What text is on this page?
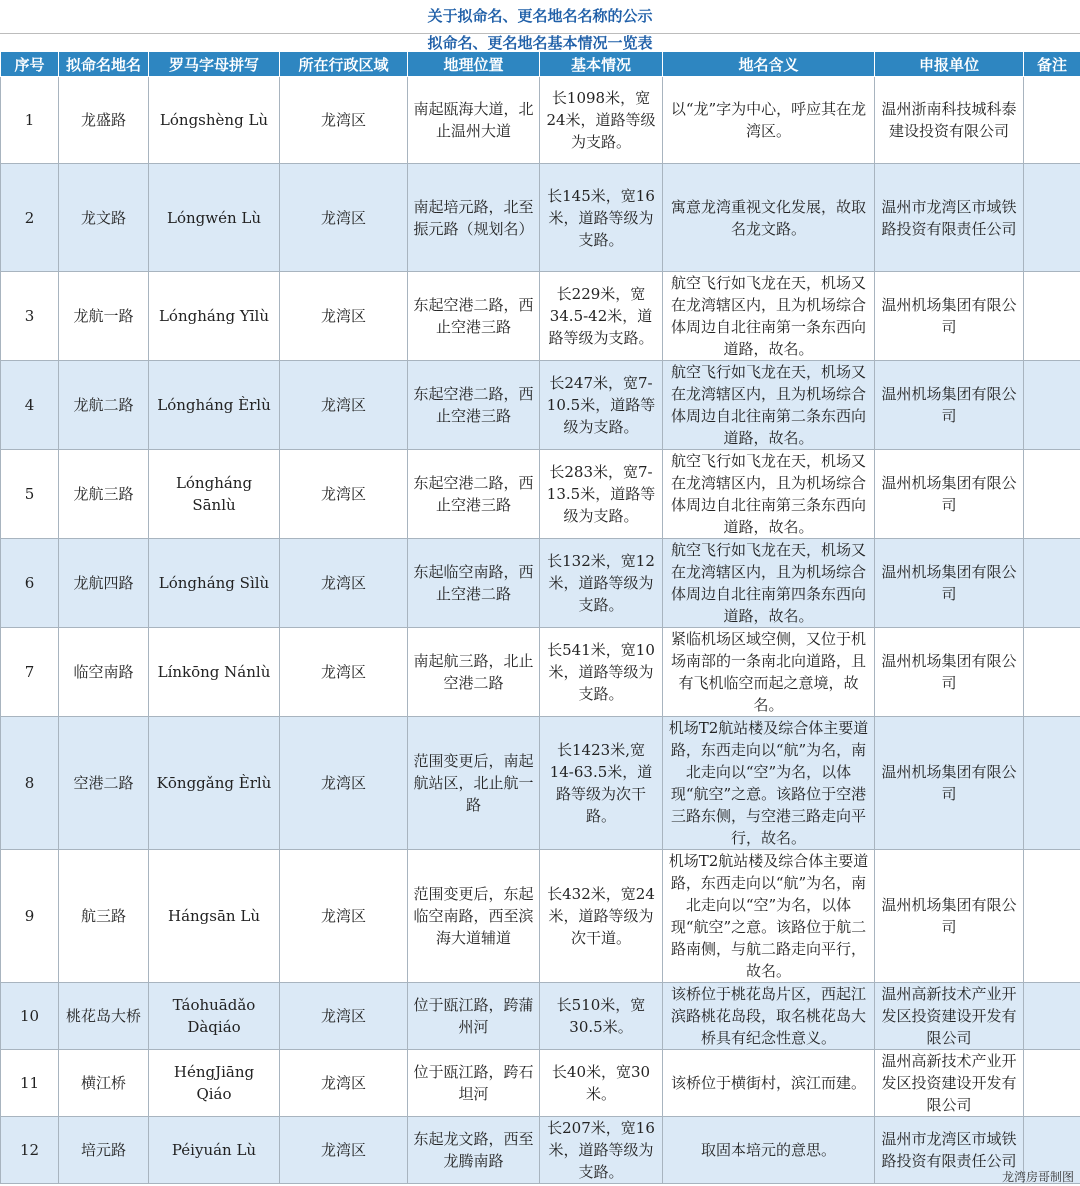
关于拟命名、更名地名名称的公示
拟命名、更名地名基本情况一览表
序号	拟命名地名	罗马字母拼写	所在行政区域	地理位置	基本情况	地名含义	申报单位	备注
1	龙盛路	Lóngshèng Lù	龙湾区	南起瓯海大道，北止温州大道	长1098米，宽24米，道路等级为支路。	以“龙”字为中心，呼应其在龙湾区。	温州浙南科技城科泰建设投资有限公司	
2	龙文路	Lóngwén Lù	龙湾区	南起培元路，北至振元路（规划名）	长145米，宽16米，道路等级为支路。	寓意龙湾重视文化发展，故取名龙文路。	温州市龙湾区市域铁路投资有限责任公司	
3	龙航一路	Lóngháng Yīlù	龙湾区	东起空港二路，西止空港三路	长229米，宽34.5-42米，道路等级为支路。	航空飞行如飞龙在天，机场又在龙湾辖区内，且为机场综合体周边自北往南第一条东西向道路，故名。	温州机场集团有限公司	
4	龙航二路	Lóngháng Èrlù	龙湾区	东起空港二路，西止空港三路	长247米，宽7-10.5米，道路等级为支路。	航空飞行如飞龙在天，机场又在龙湾辖区内，且为机场综合体周边自北往南第二条东西向道路，故名。	温州机场集团有限公司	
5	龙航三路	Lóngháng Sānlù	龙湾区	东起空港二路，西止空港三路	长283米，宽7-13.5米，道路等级为支路。	航空飞行如飞龙在天，机场又在龙湾辖区内，且为机场综合体周边自北往南第三条东西向道路，故名。	温州机场集团有限公司	
6	龙航四路	Lóngháng Sìlù	龙湾区	东起临空南路，西止空港二路	长132米，宽12米，道路等级为支路。	航空飞行如飞龙在天，机场又在龙湾辖区内，且为机场综合体周边自北往南第四条东西向道路，故名。	温州机场集团有限公司	
7	临空南路	Línkōng Nánlù	龙湾区	南起航三路，北止空港二路	长541米，宽10米，道路等级为支路。	紧临机场区域空侧，又位于机场南部的一条南北向道路，且有飞机临空而起之意境，故名。	温州机场集团有限公司	
8	空港二路	Kōnggǎng Èrlù	龙湾区	范围变更后，南起航站区，北止航一路	长1423米,宽14-63.5米，道路等级为次干路。	机场T2航站楼及综合体主要道路，东西走向以“航”为名，南北走向以“空”为名，以体现“航空”之意。该路位于空港三路东侧，与空港三路走向平行，故名。	温州机场集团有限公司	
9	航三路	Hángsān Lù	龙湾区	范围变更后，东起临空南路，西至滨海大道辅道	长432米，宽24米，道路等级为次干道。	机场T2航站楼及综合体主要道路，东西走向以“航”为名，南北走向以“空”为名，以体现“航空”之意。该路位于航二路南侧，与航二路走向平行，故名。	温州机场集团有限公司	
10	桃花岛大桥	Táohuādǎo Dàqiáo	龙湾区	位于瓯江路，跨蒲州河	长510米，宽30.5米。	该桥位于桃花岛片区，西起江滨路桃花岛段，取名桃花岛大桥具有纪念性意义。	温州高新技术产业开发区投资建设开发有限公司	
11	横江桥	HéngJiāng Qiáo	龙湾区	位于瓯江路，跨石坦河	长40米，宽30米。	该桥位于横街村，滨江而建。	温州高新技术产业开发区投资建设开发有限公司	
12	培元路	Péiyuán Lù	龙湾区	东起龙文路，西至龙腾南路	长207米，宽16米，道路等级为支路。	取固本培元的意思。	温州市龙湾区市域铁路投资有限责任公司	
龙湾房哥制图
